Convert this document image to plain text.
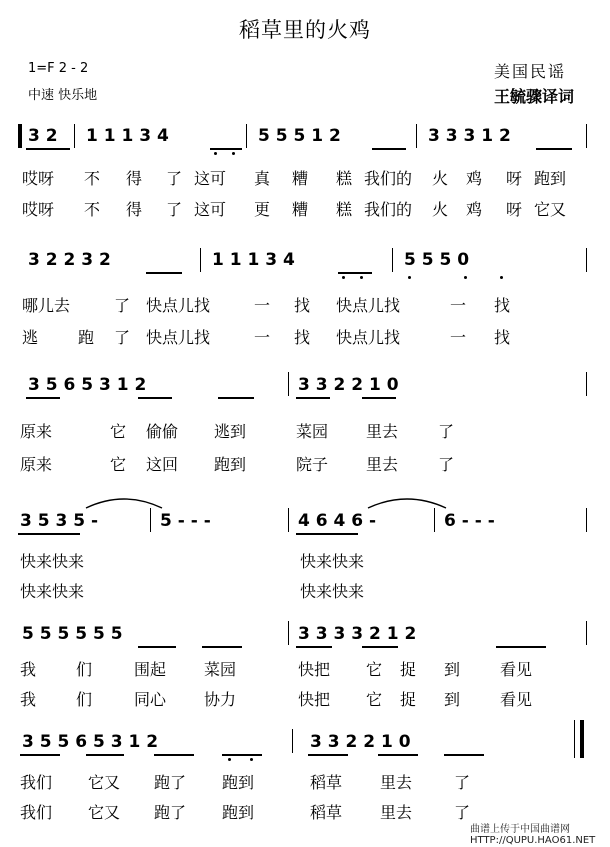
稻草里的火鸡
1=F 2 - 2
中速 快乐地
美国民谣
王毓骤译词
3 2 1 1 1 3 4	5 5 5 1 2	3 3 3 1 2
哎呀 不 得 了 这可 真 糟 糕 我们的 火 鸡 呀 跑到
哎呀 不 得 了 这可 更 糟 糕 我们的 火 鸡 呀 它又
3 2 2 3 2	1 1 1 3 4	5 5 5 0
哪儿去	了 快点儿找	一 找 快点儿找	一 找
逃 跑 了 快点儿找	一 找 快点儿找	一 找
3 5 6 5 3 1 2	3 3 2 2 1 0
原来	它 偷偷 逃到	菜园 里去 了
原来	它 这回 跑到	院子 里去 了
3 5 3 5 -	5 - - -	4 6 4 6 -	6 - - -
快来快来	快来快来
快来快来	快来快来
5 5 5 5 5 5	3 3 3 3 2 1 2
我 们	围起 菜园	快把 它 捉 到 看见
我 们	同心 协力	快把 它 捉 到 看见
3 5 5 6 5 3 1 2	3 3 2 2 1 0
我们 它又 跑了 跑到	稻草 里去	了
我们 它又 跑了 跑到	稻草 里去	了
曲谱上传于中国曲谱网 HTTP://QUPU.HAO61.NET
